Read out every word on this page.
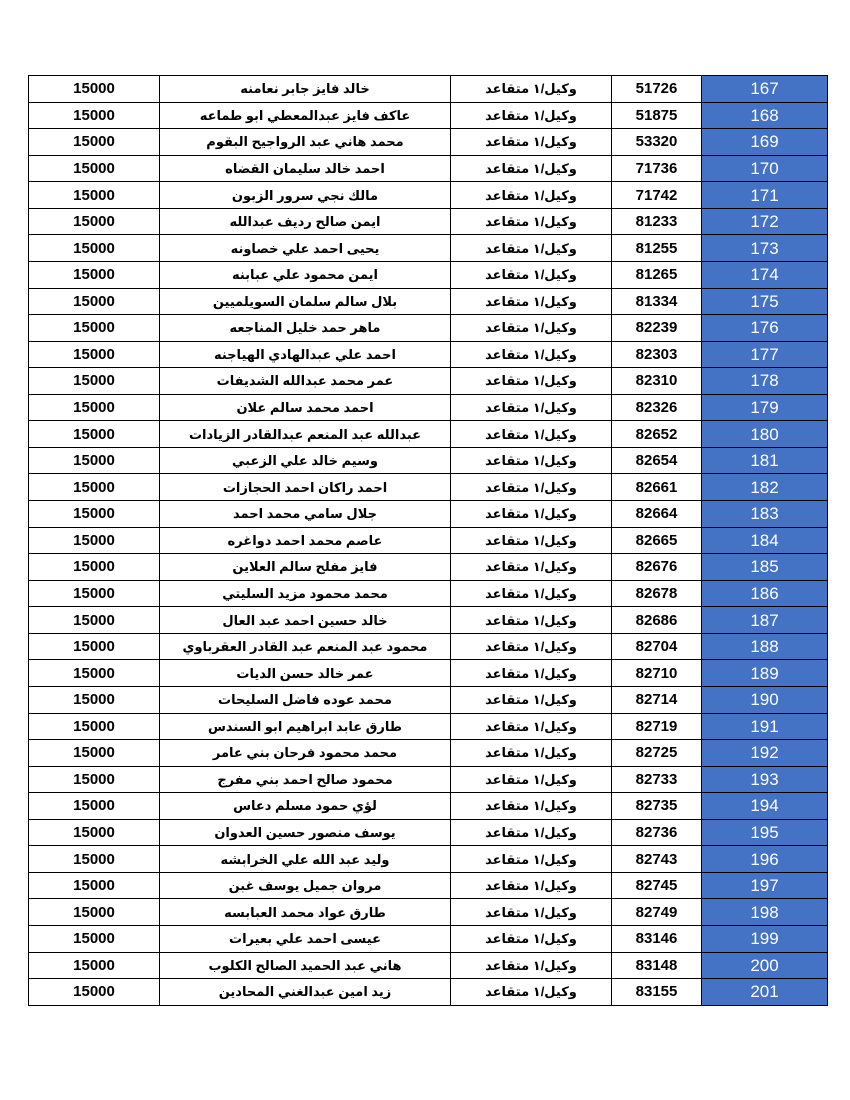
15000	خالد فايز جابر نعامنه	وكيل/١ متقاعد	51726	167
15000	عاكف فايز عبدالمعطي ابو طماعه	وكيل/١ متقاعد	51875	168
15000	محمد هاني عبد الرواجيح البقوم	وكيل/١ متقاعد	53320	169
15000	احمد خالد سليمان القضاه	وكيل/١ متقاعد	71736	170
15000	مالك نجي سرور الزبون	وكيل/١ متقاعد	71742	171
15000	ايمن صالح رديف عبدالله	وكيل/١ متقاعد	81233	172
15000	يحيى احمد علي خصاونه	وكيل/١ متقاعد	81255	173
15000	ايمن محمود علي عبابنه	وكيل/١ متقاعد	81265	174
15000	بلال سالم سلمان السويلميين	وكيل/١ متقاعد	81334	175
15000	ماهر حمد خليل المناجعه	وكيل/١ متقاعد	82239	176
15000	احمد علي عبدالهادي الهياجنه	وكيل/١ متقاعد	82303	177
15000	عمر محمد عبدالله الشديفات	وكيل/١ متقاعد	82310	178
15000	احمد محمد سالم علان	وكيل/١ متقاعد	82326	179
15000	عبدالله عبد المنعم عبدالقادر الزيادات	وكيل/١ متقاعد	82652	180
15000	وسيم خالد علي الزعبي	وكيل/١ متقاعد	82654	181
15000	احمد راكان احمد الحجازات	وكيل/١ متقاعد	82661	182
15000	جلال سامي محمد احمد	وكيل/١ متقاعد	82664	183
15000	عاصم محمد احمد دواغره	وكيل/١ متقاعد	82665	184
15000	فايز مفلح سالم العلاين	وكيل/١ متقاعد	82676	185
15000	محمد محمود مزيد السليتي	وكيل/١ متقاعد	82678	186
15000	خالد حسين احمد عبد العال	وكيل/١ متقاعد	82686	187
15000	محمود عبد المنعم عبد القادر العقرباوي	وكيل/١ متقاعد	82704	188
15000	عمر خالد حسن الديات	وكيل/١ متقاعد	82710	189
15000	محمد عوده فاضل السليحات	وكيل/١ متقاعد	82714	190
15000	طارق عابد ابراهيم ابو السندس	وكيل/١ متقاعد	82719	191
15000	محمد محمود فرحان بني عامر	وكيل/١ متقاعد	82725	192
15000	محمود صالح احمد بني مفرج	وكيل/١ متقاعد	82733	193
15000	لؤي حمود مسلم دعاس	وكيل/١ متقاعد	82735	194
15000	يوسف منصور حسين العدوان	وكيل/١ متقاعد	82736	195
15000	وليد عبد الله علي الخرابشه	وكيل/١ متقاعد	82743	196
15000	مروان جميل يوسف غبن	وكيل/١ متقاعد	82745	197
15000	طارق عواد محمد العبابسه	وكيل/١ متقاعد	82749	198
15000	عيسى احمد علي بعيرات	وكيل/١ متقاعد	83146	199
15000	هاني عبد الحميد الصالح الكلوب	وكيل/١ متقاعد	83148	200
15000	زيد امين عبدالغني المحادين	وكيل/١ متقاعد	83155	201
